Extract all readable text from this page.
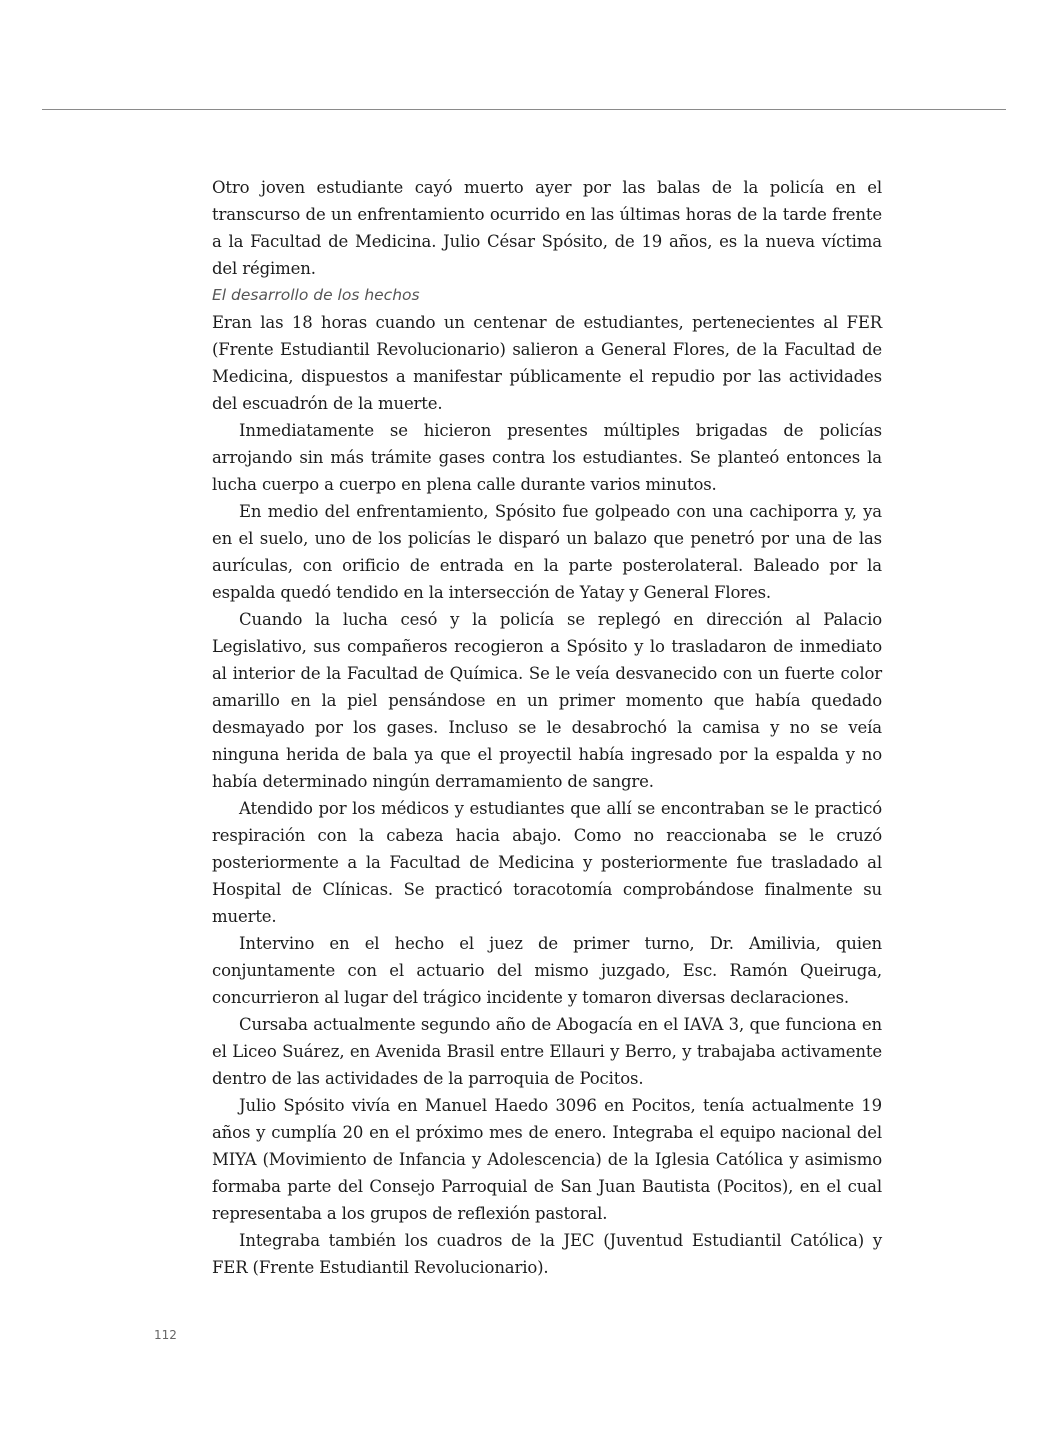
Otro joven estudiante cayó muerto ayer por las balas de la policía en el transcurso de un enfrentamiento ocurrido en las últimas horas de la tarde frente a la Facultad de Medicina. Julio César Spósito, de 19 años, es la nueva víctima del régimen.

El desarrollo de los hechos

Eran las 18 horas cuando un centenar de estudiantes, pertenecientes al FER (Frente Estudiantil Revolucionario) salieron a General Flores, de la Facultad de Medicina, dispuestos a manifestar públicamente el repudio por las actividades del escuadrón de la muerte.

Inmediatamente se hicieron presentes múltiples brigadas de policías arrojando sin más trámite gases contra los estudiantes. Se planteó entonces la lucha cuerpo a cuerpo en plena calle durante varios minutos.

En medio del enfrentamiento, Spósito fue golpeado con una cachiporra y, ya en el suelo, uno de los policías le disparó un balazo que penetró por una de las aurículas, con orificio de entrada en la parte posterolateral. Baleado por la espalda quedó tendido en la intersección de Yatay y General Flores.

Cuando la lucha cesó y la policía se replegó en dirección al Palacio Legislativo, sus compañeros recogieron a Spósito y lo trasladaron de inmediato al interior de la Facultad de Química. Se le veía desvanecido con un fuerte color amarillo en la piel pensándose en un primer momento que había quedado desmayado por los gases. Incluso se le desabrochó la camisa y no se veía ninguna herida de bala ya que el proyectil había ingresado por la espalda y no había determinado ningún derramamiento de sangre.

Atendido por los médicos y estudiantes que allí se encontraban se le practicó respiración con la cabeza hacia abajo. Como no reaccionaba se le cruzó posteriormente a la Facultad de Medicina y posteriormente fue trasladado al Hospital de Clínicas. Se practicó toracotomía comprobándose finalmente su muerte.

Intervino en el hecho el juez de primer turno, Dr. Amilivia, quien conjuntamente con el actuario del mismo juzgado, Esc. Ramón Queiruga, concurrieron al lugar del trágico incidente y tomaron diversas declaraciones.

Cursaba actualmente segundo año de Abogacía en el IAVA 3, que funciona en el Liceo Suárez, en Avenida Brasil entre Ellauri y Berro, y trabajaba activamente dentro de las actividades de la parroquia de Pocitos.

Julio Spósito vivía en Manuel Haedo 3096 en Pocitos, tenía actualmente 19 años y cumplía 20 en el próximo mes de enero. Integraba el equipo nacional del MIYA (Movimiento de Infancia y Adolescencia) de la Iglesia Católica y asimismo formaba parte del Consejo Parroquial de San Juan Bautista (Pocitos), en el cual representaba a los grupos de reflexión pastoral.

Integraba también los cuadros de la JEC (Juventud Estudiantil Católica) y FER (Frente Estudiantil Revolucionario).

112
